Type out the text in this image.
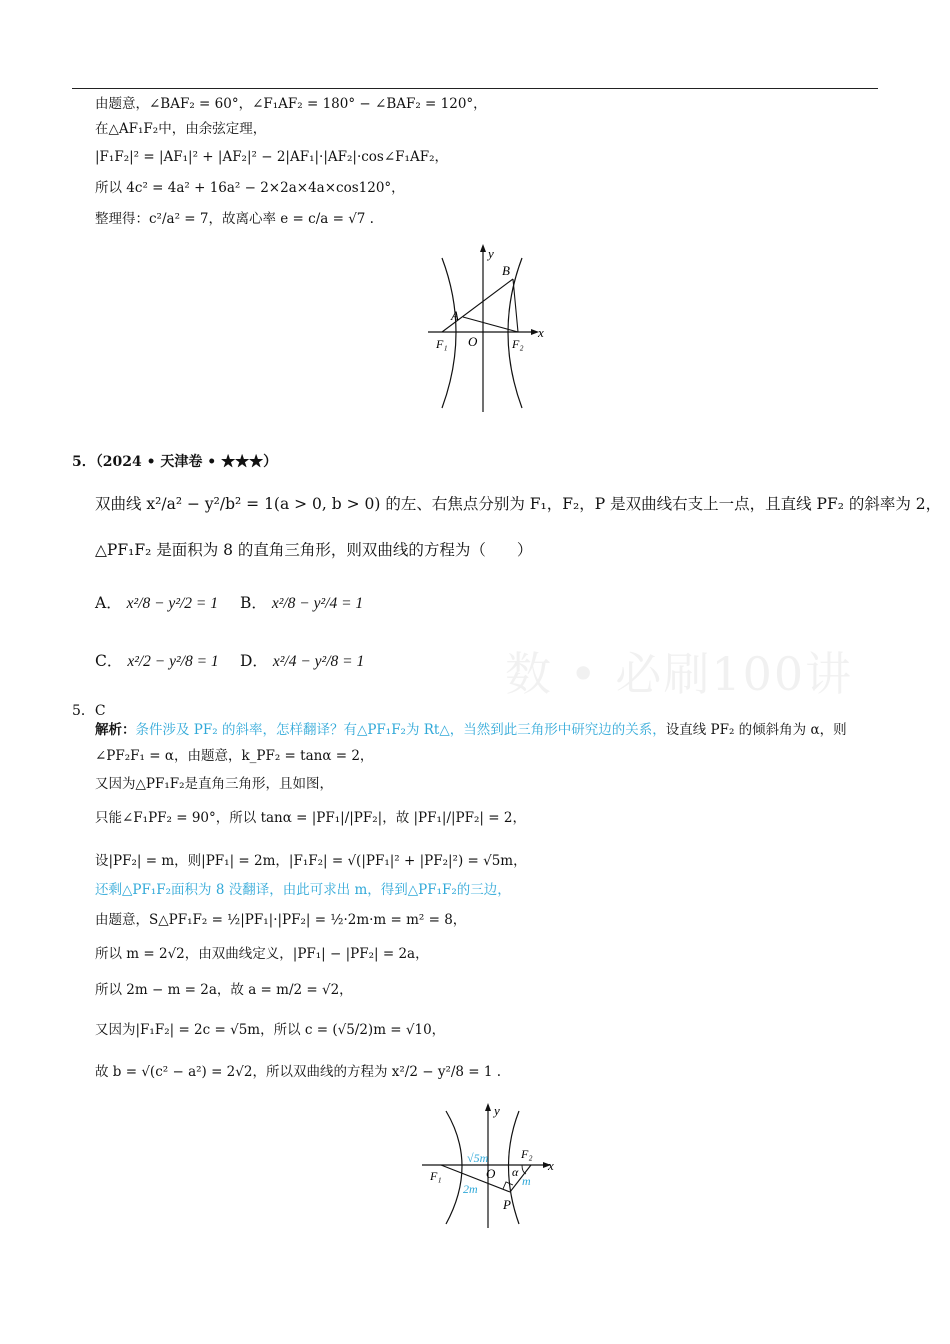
由题意，∠BAF₂ = 60°，∠F₁AF₂ = 180° − ∠BAF₂ = 120°，
在△AF₁F₂中，由余弦定理，
|F₁F₂|² = |AF₁|² + |AF₂|² − 2|AF₁|·|AF₂|·cos∠F₁AF₂，
所以 4c² = 4a² + 16a² − 2×2a×4a×cos120°，
整理得：c²/a² = 7，故离心率 e = c/a = √7 .
y
x
B
A
F₁ O	F₂
5．（2024 • 天津卷 • ★★★）
双曲线 x²/a² − y²/b² = 1(a > 0, b > 0) 的左、右焦点分别为 F₁，F₂，P 是双曲线右支上一点，且直线 PF₂ 的斜率为 2，
△PF₁F₂ 是面积为 8 的直角三角形，则双曲线的方程为（　　）
A． x²/8 − y²/2 = 1 B． x²/8 − y²/4 = 1
C． x²/2 − y²/8 = 1 D． x²/4 − y²/8 = 1	数 • 必刷100讲
5．C
解析：条件涉及 PF₂ 的斜率，怎样翻译？有△PF₁F₂为 Rt△，当然到此三角形中研究边的关系，设直线 PF₂ 的倾斜角为 α，则
∠PF₂F₁ = α，由题意，k_PF₂ = tanα = 2，
又因为△PF₁F₂是直角三角形，且如图，
只能∠F₁PF₂ = 90°，所以 tanα = |PF₁|/|PF₂|，故 |PF₁|/|PF₂| = 2，
设|PF₂| = m，则|PF₁| = 2m，|F₁F₂| = √(|PF₁|² + |PF₂|²) = √5m，
还剩△PF₁F₂面积为 8 没翻译，由此可求出 m，得到△PF₁F₂的三边，
由题意，S△PF₁F₂ = ½|PF₁|·|PF₂| = ½·2m·m = m² = 8，
所以 m = 2√2，由双曲线定义，|PF₁| − |PF₂| = 2a，
所以 2m − m = 2a，故 a = m/2 = √2，
又因为|F₁F₂| = 2c = √5m，所以 c = (√5/2)m = √10，
故 b = √(c² − a²) = 2√2，所以双曲线的方程为 x²/2 − y²/8 = 1 .
y
x
√5m	F₂
O α
F₁
2m
m
P
